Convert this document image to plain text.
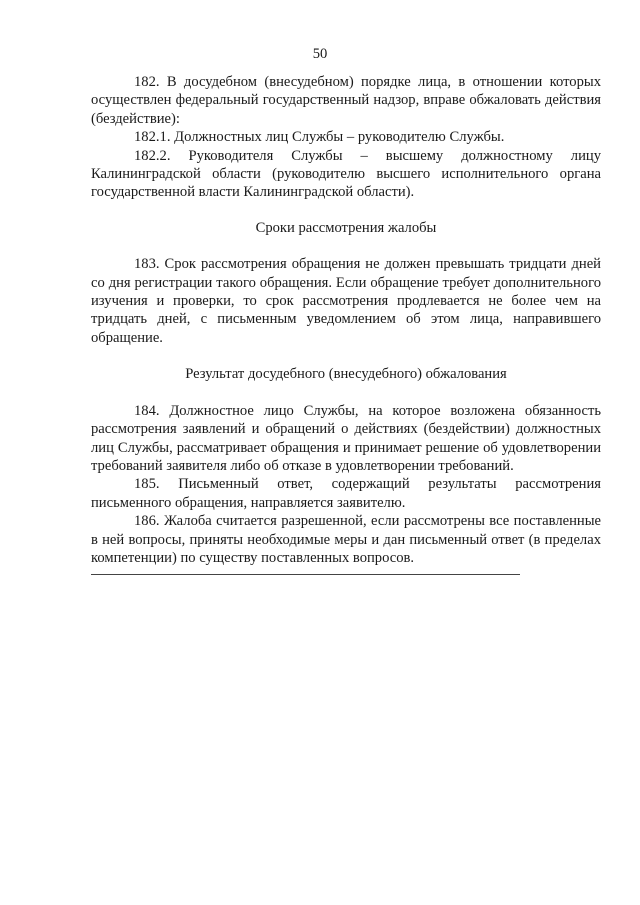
50

182. В досудебном (внесудебном) порядке лица, в отношении которых осуществлен федеральный государственный надзор, вправе обжаловать действия (бездействие):

182.1. Должностных лиц Службы – руководителю Службы.

182.2. Руководителя Службы – высшему должностному лицу Калининградской области (руководителю высшего исполнительного органа государственной власти Калининградской области).

Сроки рассмотрения жалобы

183. Срок рассмотрения обращения не должен превышать тридцати дней со дня регистрации такого обращения. Если обращение требует дополнительного изучения и проверки, то срок рассмотрения продлевается не более чем на тридцать дней, с письменным уведомлением об этом лица, направившего обращение.

Результат досудебного (внесудебного) обжалования

184. Должностное лицо Службы, на которое возложена обязанность рассмотрения заявлений и обращений о действиях (бездействии) должностных лиц Службы, рассматривает обращения и принимает решение об удовлетворении требований заявителя либо об отказе в удовлетворении требований.

185. Письменный ответ, содержащий результаты рассмотрения письменного обращения, направляется заявителю.

186. Жалоба считается разрешенной, если рассмотрены все поставленные в ней вопросы, приняты необходимые меры и дан письменный ответ (в пределах компетенции) по существу поставленных вопросов.
